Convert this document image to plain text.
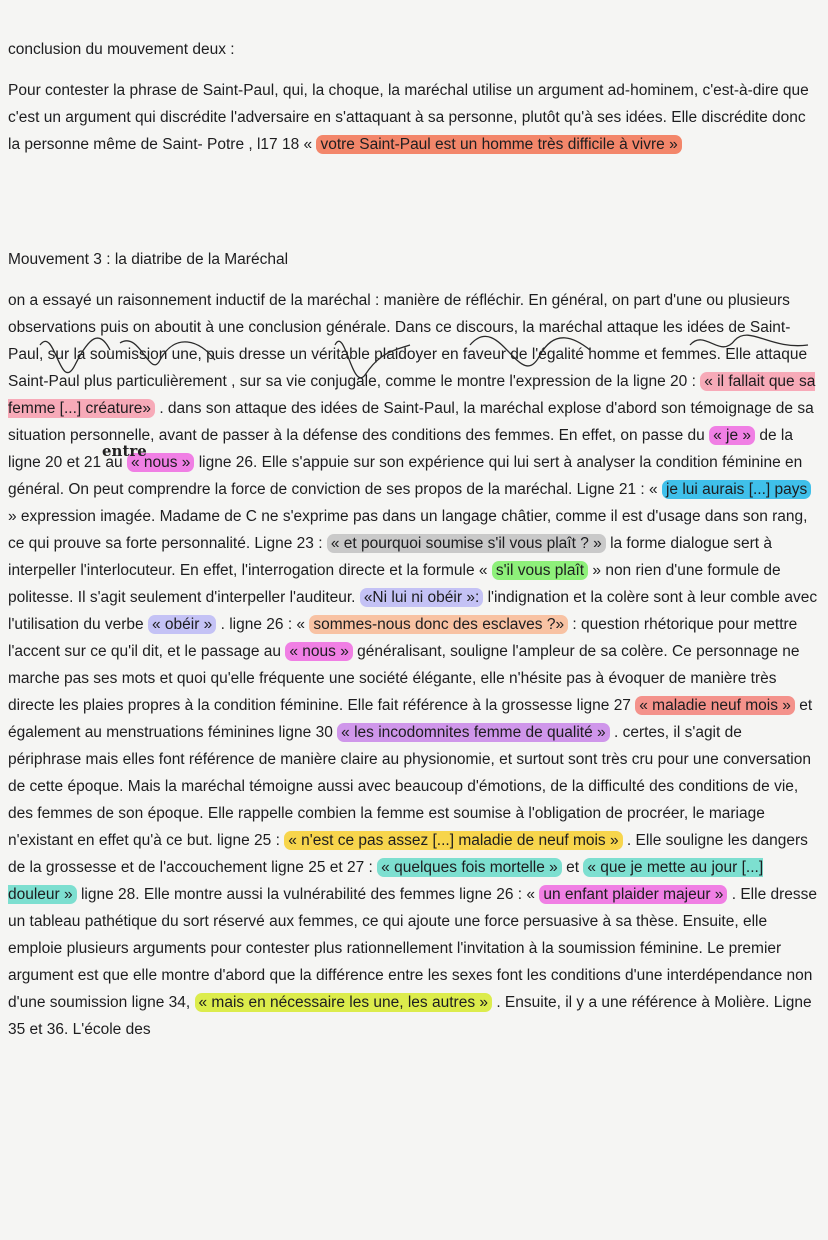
conclusion du mouvement deux :

Pour contester la phrase de Saint-Paul, qui, la choque, la maréchal utilise un argument ad-hominem, c'est-à-dire que c'est un argument qui discrédite l'adversaire en s'attaquant à sa personne, plutôt qu'à ses idées. Elle discrédite donc la personne même de Saint- Potre , l17 18 « votre Saint-Paul est un homme très difficile à vivre »

Mouvement 3 : la diatribe de la Maréchal

on a essayé un raisonnement inductif de la maréchal : manière de réfléchir. En général, on part d'une ou plusieurs observations puis on aboutit à une conclusion générale. Dans ce discours, la maréchal attaque les idées de Saint-Paul, sur la soumission une, puis dresse un véritable plaidoyer en faveur de l'égalité homme et femmes. Elle attaque Saint-Paul plus particulièrement , sur sa vie conjugale, comme le montre l'expression de la ligne 20 : « il fallait que sa femme [...] créature» . dans son attaque des idées de Saint-Paul, la maréchal explose d'abord son témoignage de sa situation personnelle, avant de passer à la défense des conditions des femmes. En effet, on passe du « je » de la ligne 20 et 21 au « nous » ligne 26. Elle s'appuie sur son expérience qui lui sert à analyser la condition féminine en général. On peut comprendre la force de conviction de ses propos de la maréchal. Ligne 21 : « je lui aurais [...] pays » expression imagée. Madame de C ne s'exprime pas dans un langage châtier, comme il est d'usage dans son rang, ce qui prouve sa forte personnalité. Ligne 23 : « et pourquoi soumise s'il vous plaît ? » la forme dialogue sert à interpeller l'interlocuteur. En effet, l'interrogation directe et la formule « s'il vous plaît » non rien d'une formule de politesse. Il s'agit seulement d'interpeller l'auditeur. «Ni lui ni obéir »: l'indignation et la colère sont à leur comble avec l'utilisation du verbe « obéir » . ligne 26 : « sommes-nous donc des esclaves ?» : question rhétorique pour mettre l'accent sur ce qu'il dit, et le passage au « nous » généralisant, souligne l'ampleur de sa colère. Ce personnage ne marche pas ses mots et quoi qu'elle fréquente une société élégante, elle n'hésite pas à évoquer de manière très directe les plaies propres à la condition féminine. Elle fait référence à la grossesse ligne 27 « maladie neuf mois » et également au menstruations féminines ligne 30 « les incodomnites femme de qualité » . certes, il s'agit de périphrase mais elles font référence de manière claire au physionomie, et surtout sont très cru pour une conversation de cette époque. Mais la maréchal témoigne aussi avec beaucoup d'émotions, de la difficulté des conditions de vie, des femmes de son époque. Elle rappelle combien la femme est soumise à l'obligation de procréer, le mariage n'existant en effet qu'à ce but. ligne 25 : « n'est ce pas assez [...] maladie de neuf mois » . Elle souligne les dangers de la grossesse et de l'accouchement ligne 25 et 27 : « quelques fois mortelle » et « que je mette au jour [...] douleur » ligne 28. Elle montre aussi la vulnérabilité des femmes ligne 26 : « un enfant plaider majeur » . Elle dresse un tableau pathétique du sort réservé aux femmes, ce qui ajoute une force persuasive à sa thèse. Ensuite, elle emploie plusieurs arguments pour contester plus rationnellement l'invitation à la soumission féminine. Le premier argument est que elle montre d'abord que la différence entre les sexes font les conditions d'une interdépendance non d'une soumission ligne 34, « mais en nécessaire les une, les autres » . Ensuite, il y a une référence à Molière. Ligne 35 et 36. L'école des

entre
